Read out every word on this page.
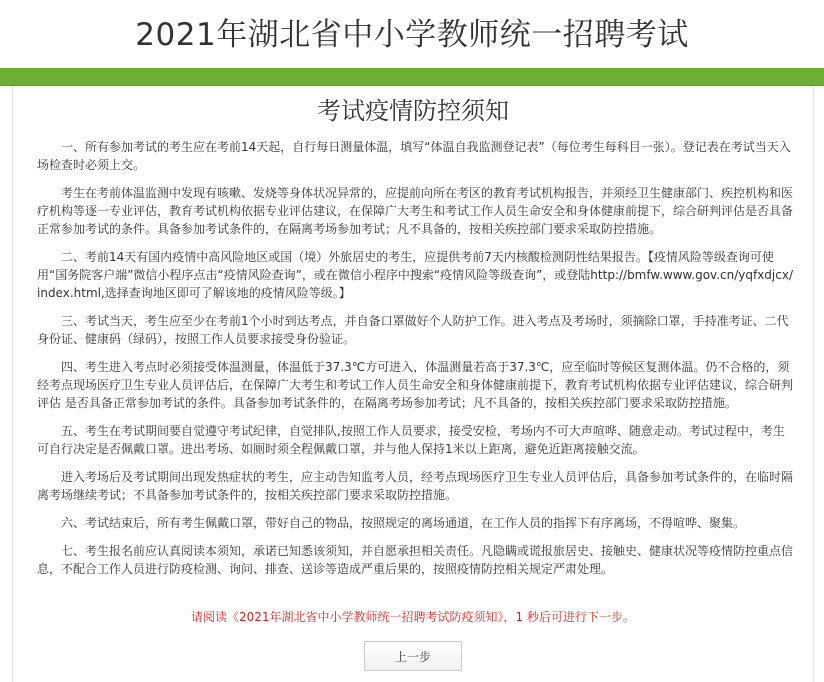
2021年湖北省中小学教师统一招聘考试
考试疫情防控须知

一、所有参加考试的考生应在考前14天起，自行每日测量体温，填写“体温自我监测登记表”（每位考生每科目一张）。登记表在考试当天入场检查时必须上交。

考生在考前体温监测中发现有咳嗽、发烧等身体状况异常的，应提前向所在考区的教育考试机构报告，并须经卫生健康部门、疾控机构和医疗机构等逐一专业评估，教育考试机构依据专业评估建议，在保障广大考生和考试工作人员生命安全和身体健康前提下，综合研判评估是否具备正常参加考试的条件。具备参加考试条件的，在隔离考场参加考试；凡不具备的，按相关疾控部门要求采取防控措施。

二、考前14天有国内疫情中高风险地区或国（境）外旅居史的考生，应提供考前7天内核酸检测阴性结果报告。【疫情风险等级查询可使用“国务院客户端”微信小程序点击“疫情风险查询”，或在微信小程序中搜索“疫情风险等级查询”，或登陆http://bmfw.www.gov.cn/yqfxdjcx/index.html,选择查询地区即可了解该地的疫情风险等级。】

三、考试当天，考生应至少在考前1个小时到达考点，并自备口罩做好个人防护工作。进入考点及考场时，须摘除口罩，手持准考证、二代身份证、健康码（绿码），按照工作人员要求接受身份验证。

四、考生进入考点时必须接受体温测量，体温低于37.3℃方可进入，体温测量若高于37.3℃，应至临时等候区复测体温。仍不合格的，须经考点现场医疗卫生专业人员评估后，在保障广大考生和考试工作人员生命安全和身体健康前提下，教育考试机构依据专业评估建议，综合研判评估 是否具备正常参加考试的条件。具备参加考试条件的，在隔离考场参加考试；凡不具备的，按相关疾控部门要求采取防控措施。

五、考生在考试期间要自觉遵守考试纪律，自觉排队,按照工作人员要求，接受安检，考场内不可大声喧哗、随意走动。考试过程中，考生可自行决定是否佩戴口罩。进出考场、如厕时须全程佩戴口罩，并与他人保持1米以上距离，避免近距离接触交流。

进入考场后及考试期间出现发热症状的考生，应主动告知监考人员，经考点现场医疗卫生专业人员评估后，具备参加考试条件的，在临时隔离考场继续考试；不具备参加考试条件的，按相关疾控部门要求采取防控措施。

六、考试结束后，所有考生佩戴口罩，带好自己的物品，按照规定的离场通道，在工作人员的指挥下有序离场，不得喧哗、聚集。

七、考生报名前应认真阅读本须知，承诺已知悉该须知，并自愿承担相关责任。凡隐瞒或谎报旅居史、接触史、健康状况等疫情防控重点信息，不配合工作人员进行防疫检测、询问、排查、送诊等造成严重后果的，按照疫情防控相关规定严肃处理。

请阅读《2021年湖北省中小学教师统一招聘考试防疫须知》，1 秒后可进行下一步。
上一步
